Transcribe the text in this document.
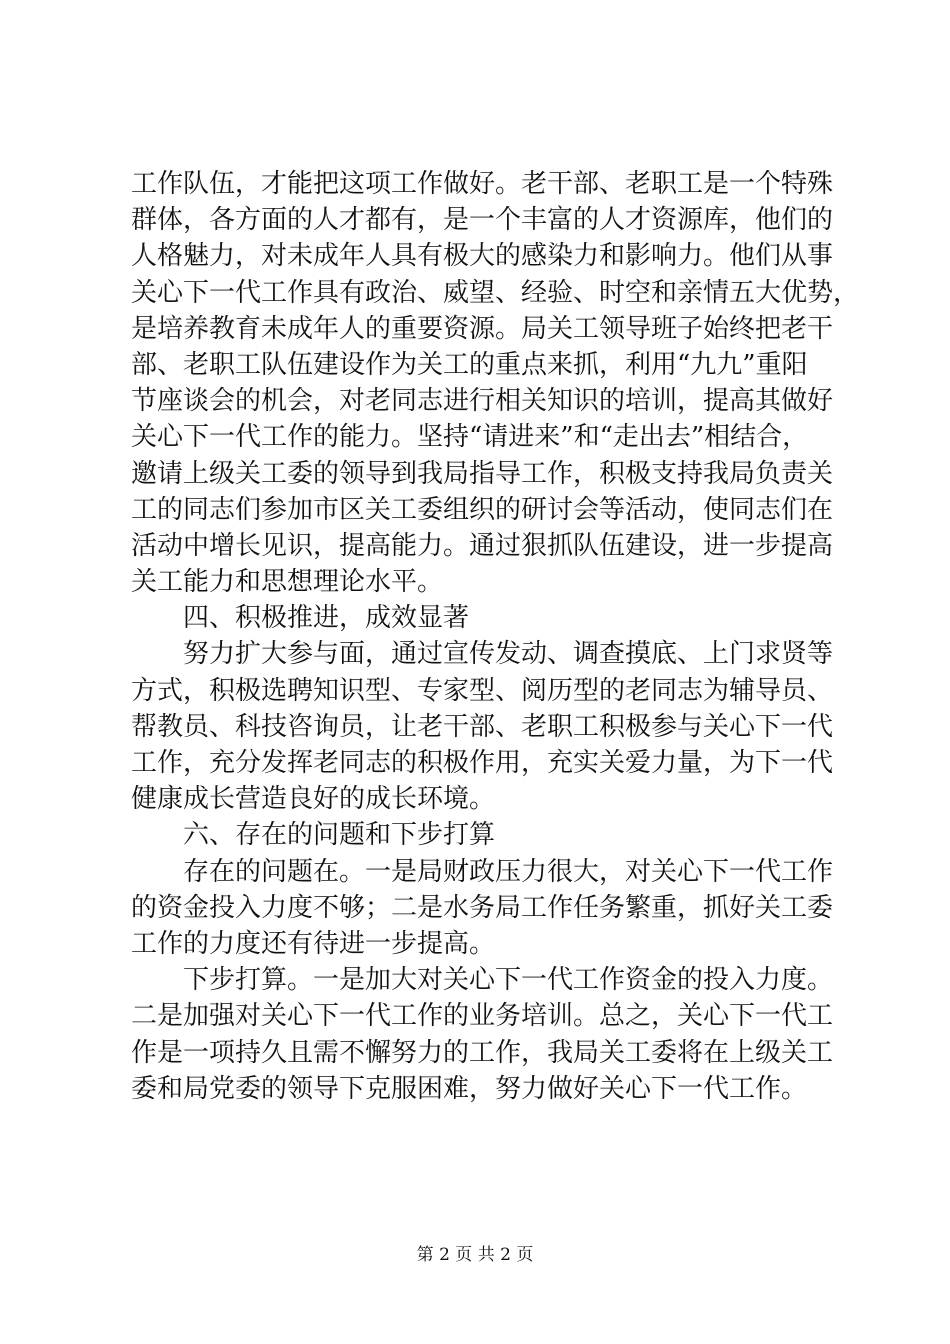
工作队伍，才能把这项工作做好。老干部、老职工是一个特殊
群体，各方面的人才都有，是一个丰富的人才资源库，他们的
人格魅力，对未成年人具有极大的感染力和影响力。他们从事
关心下一代工作具有政治、威望、经验、时空和亲情五大优势，
是培养教育未成年人的重要资源。局关工领导班子始终把老干
部、老职工队伍建设作为关工的重点来抓，利用“九九”重阳
节座谈会的机会，对老同志进行相关知识的培训，提高其做好
关心下一代工作的能力。坚持“请进来”和“走出去”相结合，
邀请上级关工委的领导到我局指导工作，积极支持我局负责关
工的同志们参加市区关工委组织的研讨会等活动，使同志们在
活动中增长见识，提高能力。通过狠抓队伍建设，进一步提高
关工能力和思想理论水平。
四、积极推进，成效显著
努力扩大参与面，通过宣传发动、调查摸底、上门求贤等
方式，积极选聘知识型、专家型、阅历型的老同志为辅导员、
帮教员、科技咨询员，让老干部、老职工积极参与关心下一代
工作，充分发挥老同志的积极作用，充实关爱力量，为下一代
健康成长营造良好的成长环境。
六、存在的问题和下步打算
存在的问题在。一是局财政压力很大，对关心下一代工作
的资金投入力度不够；二是水务局工作任务繁重，抓好关工委
工作的力度还有待进一步提高。
下步打算。一是加大对关心下一代工作资金的投入力度。
二是加强对关心下一代工作的业务培训。总之，关心下一代工
作是一项持久且需不懈努力的工作，我局关工委将在上级关工
委和局党委的领导下克服困难，努力做好关心下一代工作。
第 2 页 共 2 页
